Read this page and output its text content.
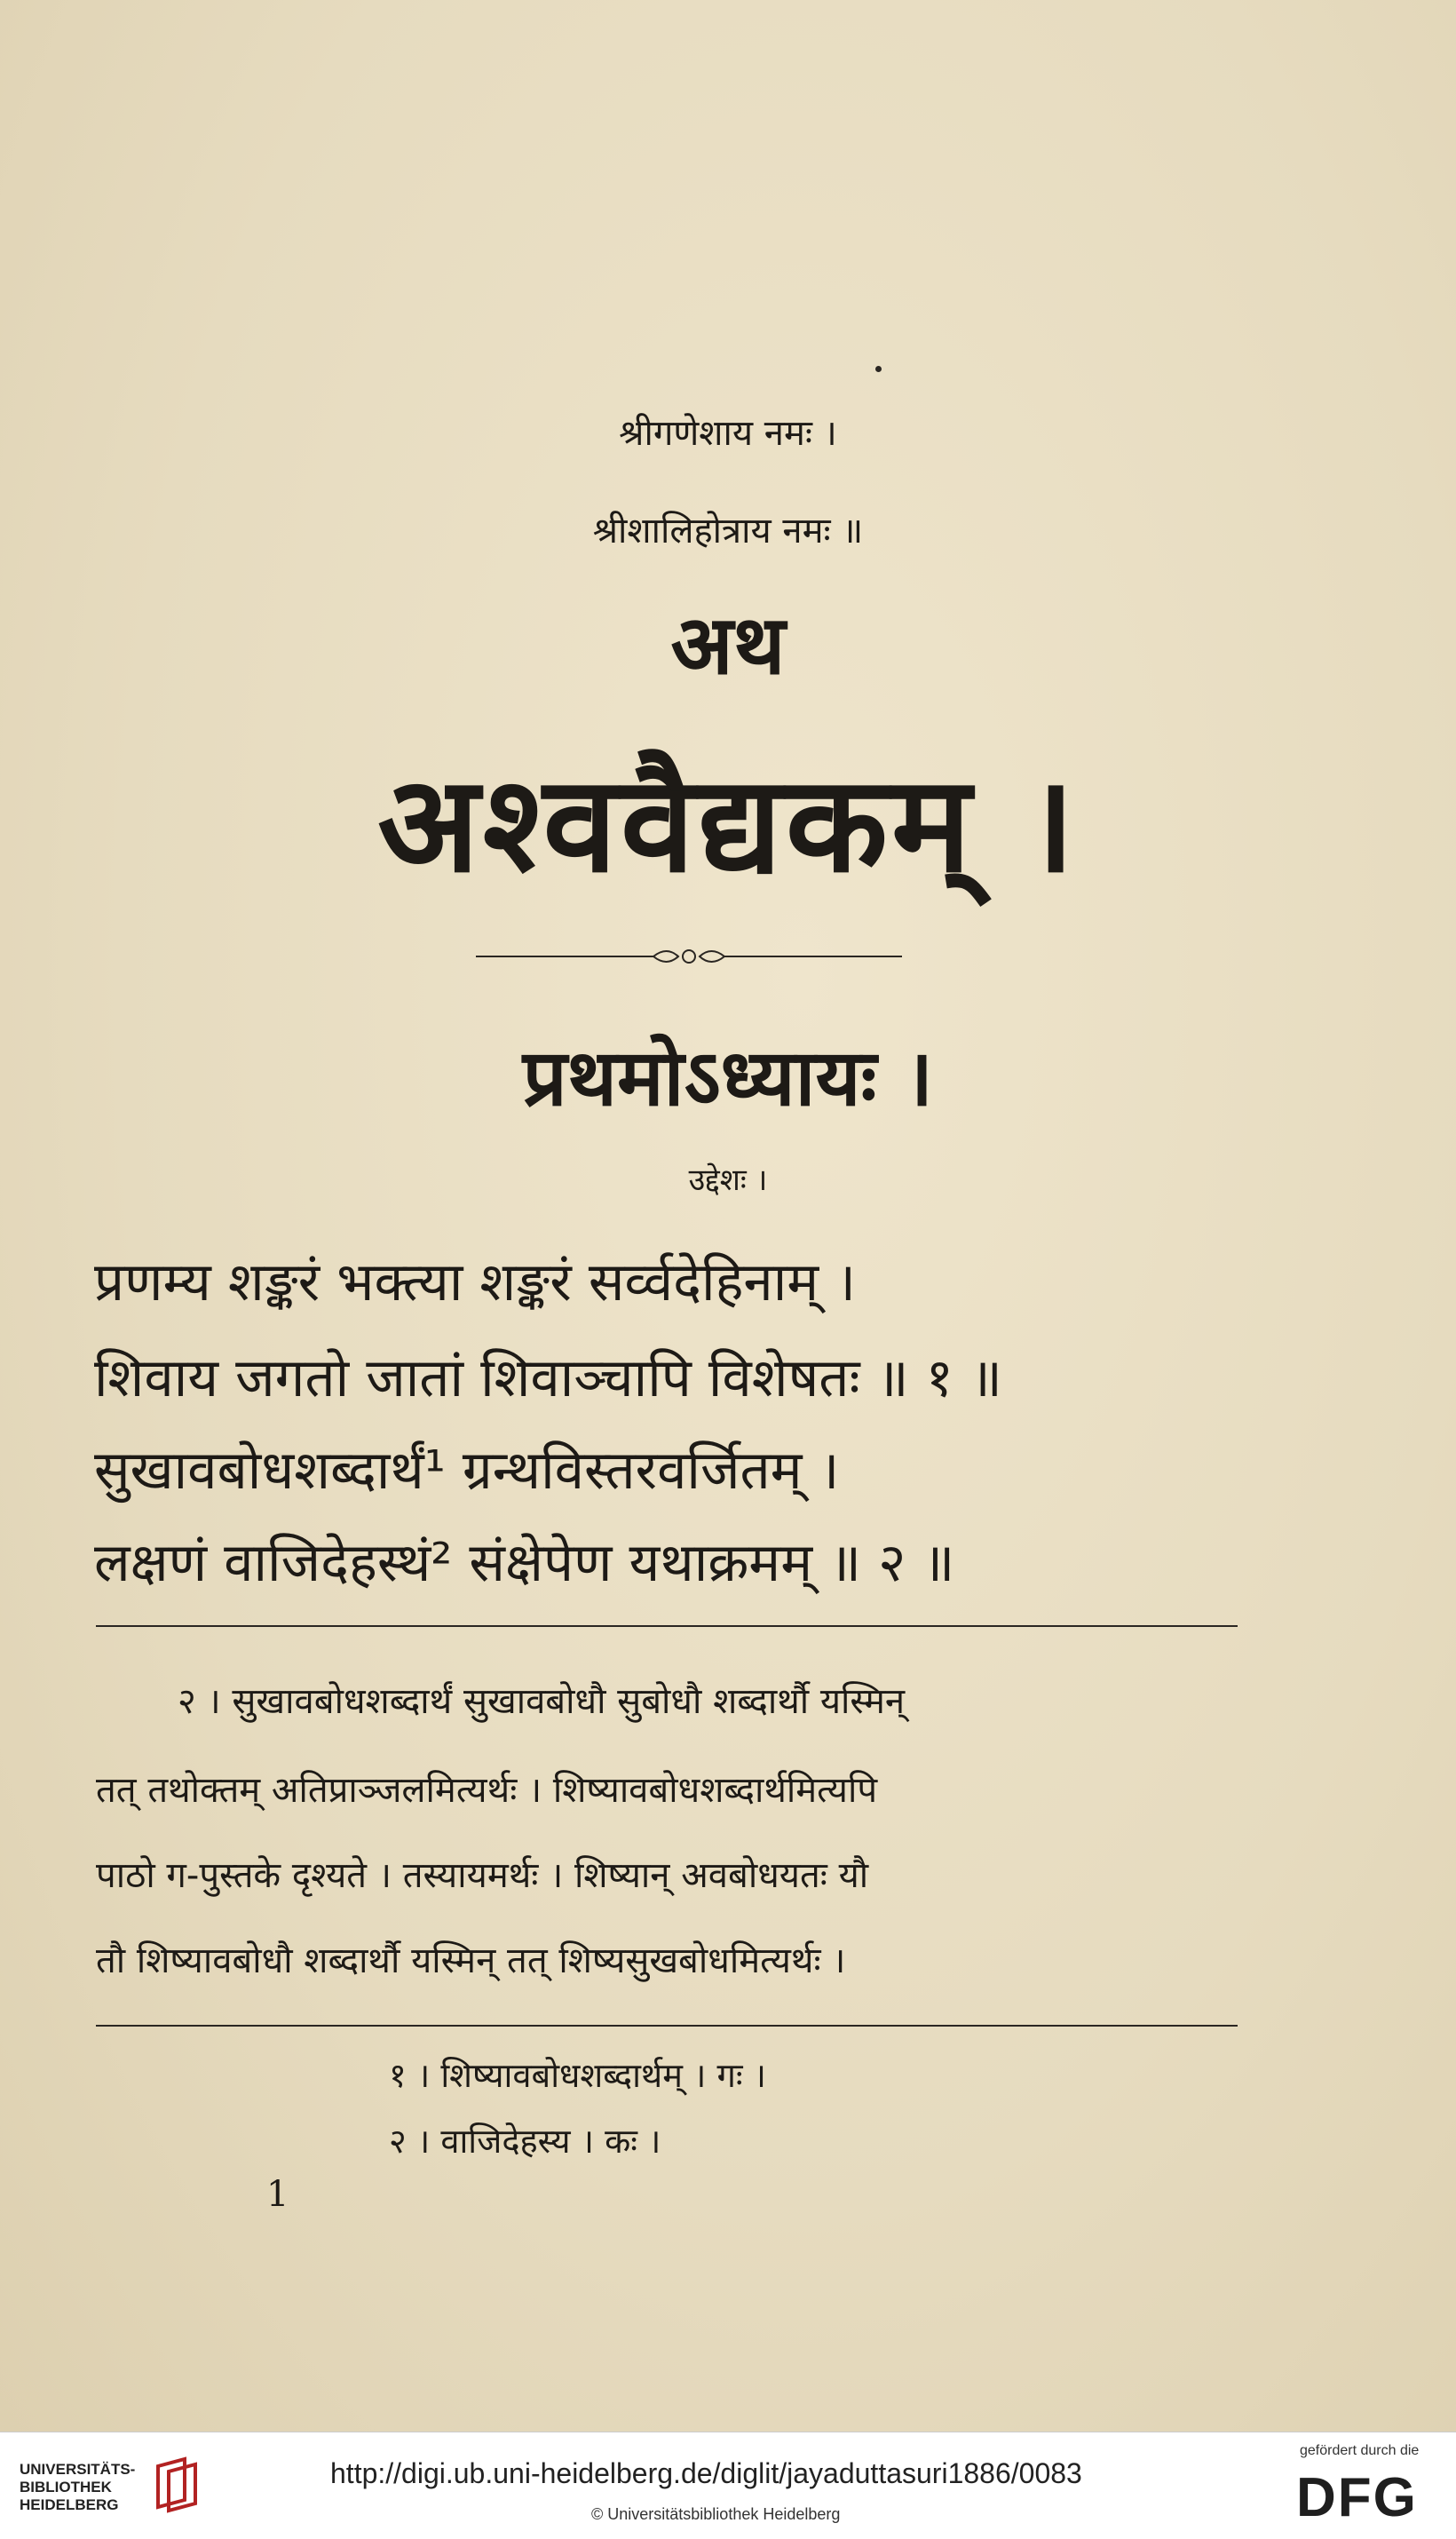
श्रीगणेशाय नमः ।
श्रीशालिहोत्राय नमः ॥
अथ
अश्ववैद्यकम् ।
प्रथमोऽध्यायः ।
उद्देशः ।
प्रणम्य शङ्करं भक्त्या शङ्करं सर्व्वदेहिनाम् ।
शिवाय जगतो जातां शिवाञ्चापि विशेषतः ॥ १ ॥
सुखावबोधशब्दार्थं¹ ग्रन्थविस्तरवर्जितम् ।
लक्षणं वाजिदेहस्थं² संक्षेपेण यथाक्रमम् ॥ २ ॥
२ । सुखावबोधशब्दार्थं सुखावबोधौ सुबोधौ शब्दार्थौ यस्मिन्
तत् तथोक्तम् अतिप्राञ्जलमित्यर्थः । शिष्यावबोधशब्दार्थमित्यपि
पाठो ग-पुस्तके दृश्यते । तस्यायमर्थः । शिष्यान् अवबोधयतः यौ
तौ शिष्यावबोधौ शब्दार्थौ यस्मिन् तत् शिष्यसुखबोधमित्यर्थः ।
१ । शिष्यावबोधशब्दार्थम् । गः ।
२ । वाजिदेहस्य । कः ।
1
UNIVERSITÄTS-
BIBLIOTHEK
HEIDELBERG
http://digi.ub.uni-heidelberg.de/diglit/jayaduttasuri1886/0083
© Universitätsbibliothek Heidelberg
gefördert durch die
DFG
